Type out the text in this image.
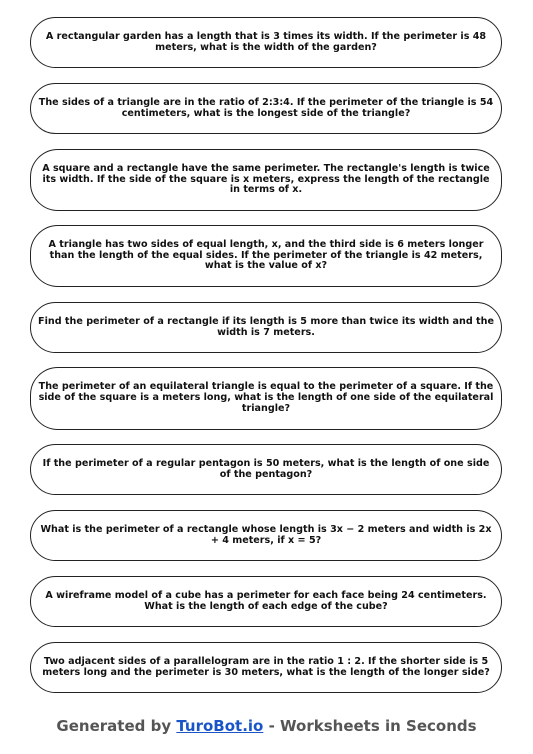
A rectangular garden has a length that is 3 times its width. If the perimeter is 48 meters, what is the width of the garden?
The sides of a triangle are in the ratio of 2:3:4. If the perimeter of the triangle is 54 centimeters, what is the longest side of the triangle?
A square and a rectangle have the same perimeter. The rectangle's length is twice its width. If the side of the square is x meters, express the length of the rectangle in terms of x.
A triangle has two sides of equal length, x, and the third side is 6 meters longer than the length of the equal sides. If the perimeter of the triangle is 42 meters, what is the value of x?
Find the perimeter of a rectangle if its length is 5 more than twice its width and the width is 7 meters.
The perimeter of an equilateral triangle is equal to the perimeter of a square. If the side of the square is a meters long, what is the length of one side of the equilateral triangle?
If the perimeter of a regular pentagon is 50 meters, what is the length of one side of the pentagon?
What is the perimeter of a rectangle whose length is 3x − 2 meters and width is 2x + 4 meters, if x = 5?
A wireframe model of a cube has a perimeter for each face being 24 centimeters. What is the length of each edge of the cube?
Two adjacent sides of a parallelogram are in the ratio 1 : 2. If the shorter side is 5 meters long and the perimeter is 30 meters, what is the length of the longer side?
Generated by TuroBot.io - Worksheets in Seconds
